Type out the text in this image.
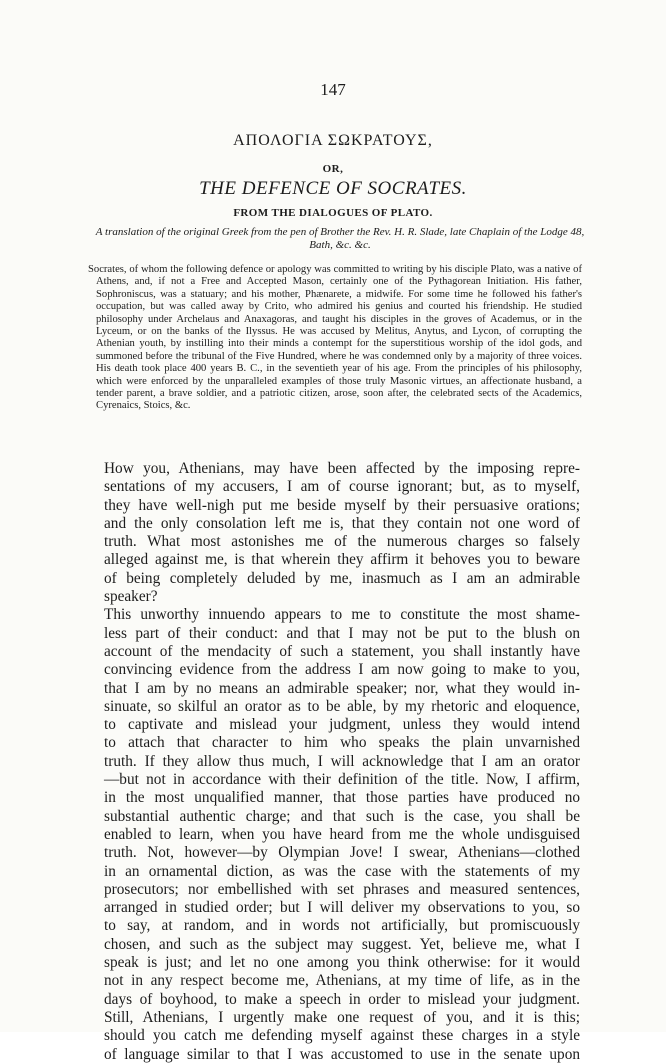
147
ΑΠΟΛΟΓΙΑ ΣΩΚΡΑΤΟΥΣ,
OR,
THE DEFENCE OF SOCRATES.
FROM THE DIALOGUES OF PLATO.
A translation of the original Greek from the pen of Brother the Rev. H. R. Slade, late Chaplain of the Lodge 48, Bath, &c. &c.
Socrates, of whom the following defence or apology was committed to writing by his disciple Plato, was a native of Athens, and, if not a Free and Accepted Mason, certainly one of the Pythagorean Initiation. His father, Sophroniscus, was a statuary; and his mother, Phænarete, a midwife. For some time he followed his father's occupation, but was called away by Crito, who admired his genius and courted his friendship. He studied philosophy under Archelaus and Anaxagoras, and taught his disciples in the groves of Academus, or in the Lyceum, or on the banks of the Ilyssus. He was accused by Melitus, Anytus, and Lycon, of corrupting the Athenian youth, by instilling into their minds a contempt for the superstitious worship of the idol gods, and summoned before the tribunal of the Five Hundred, where he was condemned only by a majority of three voices. His death took place 400 years B. C., in the seventieth year of his age. From the principles of his philosophy, which were enforced by the unparalleled examples of those truly Masonic virtues, an affectionate husband, a tender parent, a brave soldier, and a patriotic citizen, arose, soon after, the celebrated sects of the Academics, Cyrenaics, Stoics, &c.

How you, Athenians, may have been affected by the imposing repre-
sentations of my accusers, I am of course ignorant; but, as to myself,
they have well-nigh put me beside myself by their persuasive orations;
and the only consolation left me is, that they contain not one word of
truth. What most astonishes me of the numerous charges so falsely
alleged against me, is that wherein they affirm it behoves you to beware
of being completely deluded by me, inasmuch as I am an admirable
speaker?

This unworthy innuendo appears to me to constitute the most shame-
less part of their conduct: and that I may not be put to the blush on
account of the mendacity of such a statement, you shall instantly have
convincing evidence from the address I am now going to make to you,
that I am by no means an admirable speaker; nor, what they would in-
sinuate, so skilful an orator as to be able, by my rhetoric and eloquence,
to captivate and mislead your judgment, unless they would intend
to attach that character to him who speaks the plain unvarnished
truth. If they allow thus much, I will acknowledge that I am an orator
—but not in accordance with their definition of the title. Now, I affirm,
in the most unqualified manner, that those parties have produced no
substantial authentic charge; and that such is the case, you shall be
enabled to learn, when you have heard from me the whole undisguised
truth. Not, however—by Olympian Jove! I swear, Athenians—clothed
in an ornamental diction, as was the case with the statements of my
prosecutors; nor embellished with set phrases and measured sentences,
arranged in studied order; but I will deliver my observations to you, so
to say, at random, and in words not artificially, but promiscuously
chosen, and such as the subject may suggest. Yet, believe me, what I
speak is just; and let no one among you think otherwise: for it would
not in any respect become me, Athenians, at my time of life, as in the
days of boyhood, to make a speech in order to mislead your judgment.
Still, Athenians, I urgently make one request of you, and it is this;
should you catch me defending myself against these charges in a style
of language similar to that I was accustomed to use in the senate upon
